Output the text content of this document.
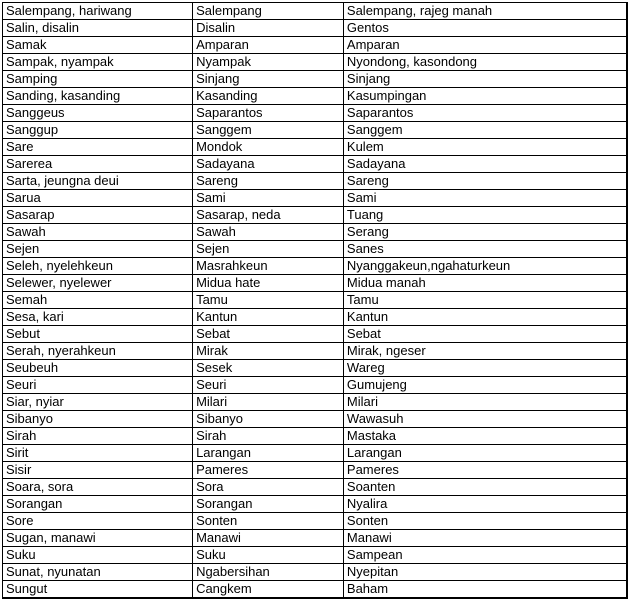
Salempang, hariwang	Salempang	Salempang, rajeg manah
Salin, disalin	Disalin	Gentos
Samak	Amparan	Amparan
Sampak, nyampak	Nyampak	Nyondong, kasondong
Samping	Sinjang	Sinjang
Sanding, kasanding	Kasanding	Kasumpingan
Sanggeus	Saparantos	Saparantos
Sanggup	Sanggem	Sanggem
Sare	Mondok	Kulem
Sarerea	Sadayana	Sadayana
Sarta, jeungna deui	Sareng	Sareng
Sarua	Sami	Sami
Sasarap	Sasarap, neda	Tuang
Sawah	Sawah	Serang
Sejen	Sejen	Sanes
Seleh, nyelehkeun	Masrahkeun	Nyanggakeun,ngahaturkeun
Selewer, nyelewer	Midua hate	Midua manah
Semah	Tamu	Tamu
Sesa, kari	Kantun	Kantun
Sebut	Sebat	Sebat
Serah, nyerahkeun	Mirak	Mirak, ngeser
Seubeuh	Sesek	Wareg
Seuri	Seuri	Gumujeng
Siar, nyiar	Milari	Milari
Sibanyo	Sibanyo	Wawasuh
Sirah	Sirah	Mastaka
Sirit	Larangan	Larangan
Sisir	Pameres	Pameres
Soara, sora	Sora	Soanten
Sorangan	Sorangan	Nyalira
Sore	Sonten	Sonten
Sugan, manawi	Manawi	Manawi
Suku	Suku	Sampean
Sunat, nyunatan	Ngabersihan	Nyepitan
Sungut	Cangkem	Baham
